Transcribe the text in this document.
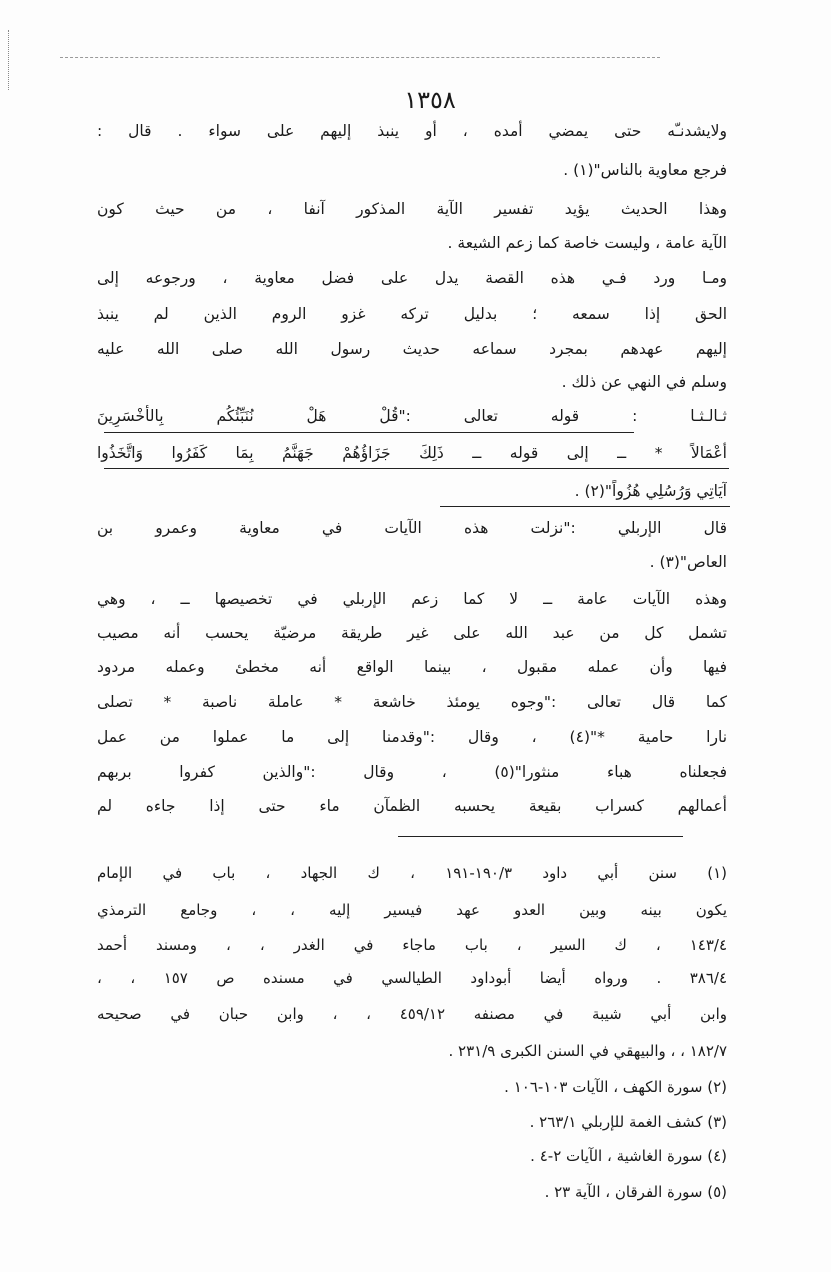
١٣٥٨
ولايشدنـّه حتى يمضي أمده ، أو ينبذ إليهم على سواء . قال :
فرجع معاوية بالناس"(١) .
وهذا الحديث يؤيد تفسير الآية المذكور آنفا ، من حيث كون
الآية عامة ، وليست خاصة كما زعم الشيعة .
ومـا ورد فـي هذه القصة يدل على فضل معاوية ، ورجوعه إلى
الحق إذا سمعه ؛ بدليل تركه غزو الروم الذين لم ينبذ
إليهم عهدهم بمجرد سماعه حديث رسول الله صلى الله عليه
وسلم في النهي عن ذلك .
ثـالـثـا : قوله تعالى :"قُلْ هَلْ نُنَبِّئُكُم بِالأَخْسَرِينَ
أَعْمَالاً * ــ إلى قوله ــ ذَلِكَ جَزَاؤُهُمْ جَهَنَّمُ بِمَا كَفَرُوا وَاتَّخَذُوا
آيَاتِي وَرُسُلِي هُزُواً"(٢) .
قال الإربلي :"نزلت هذه الآيات في معاوية وعمرو بن
العاص"(٣) .
وهذه الآيات عامة ــ لا كما زعم الإربلي في تخصيصها ــ ، وهي
تشمل كل من عبد الله على غير طريقة مرضيّة يحسب أنه مصيب
فيها وأن عمله مقبول ، بينما الواقع أنه مخطئ وعمله مردود
كما قال تعالى :"وجوه يومئذ خاشعة * عاملة ناصبة * تصلى
نارا حامية *"(٤) ، وقال :"وقدمنا إلى ما عملوا من عمل
فجعلناه هباء منثورا"(٥) ، وقال :"والذين كفروا بربهم
أعمالهم كسراب بقيعة يحسبه الظمآن ماء حتى إذا جاءه لم
(١) سنن أبي داود ١٩٠/٣-١٩١ ، ك الجهاد ، باب في الإمام
يكون بينه وبين العدو عهد فيسير إليه ، ، وجامع الترمذي
١٤٣/٤ ، ك السير ، باب ماجاء في الغدر ، ، ومسند أحمد
٣٨٦/٤ . ورواه أيضا أبوداود الطيالسي في مسنده ص ١٥٧ ، ،
وابن أبي شيبة في مصنفه ٤٥٩/١٢ ، ، وابن حبان في صحيحه
١٨٢/٧ ، ، والبيهقي في السنن الكبرى ٢٣١/٩ .
(٢) سورة الكهف ، الآيات ١٠٣-١٠٦ .
(٣) كشف الغمة للإربلي ٢٦٣/١ .
(٤) سورة الغاشية ، الآيات ٢-٤ .
(٥) سورة الفرقان ، الآية ٢٣ .
